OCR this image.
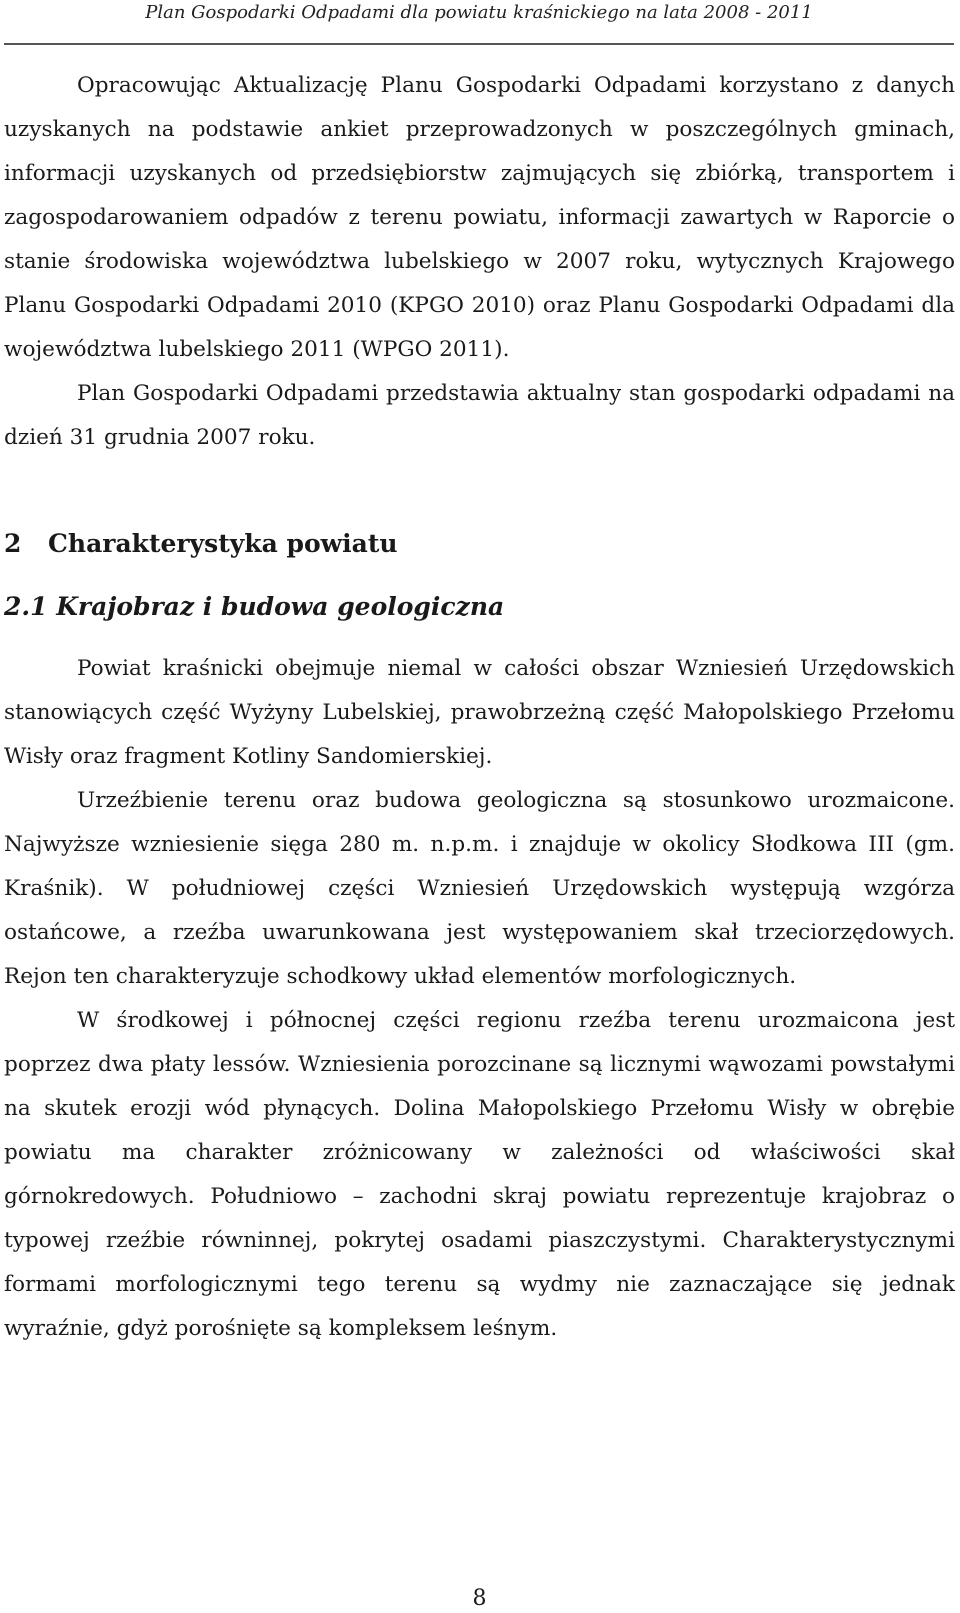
Plan Gospodarki Odpadami dla powiatu kraśnickiego na lata 2008 - 2011

Opracowując Aktualizację Planu Gospodarki Odpadami korzystano z danych uzyskanych na podstawie ankiet przeprowadzonych w poszczególnych gminach, informacji uzyskanych od przedsiębiorstw zajmujących się zbiórką, transportem i zagospodarowaniem odpadów z terenu powiatu, informacji zawartych w Raporcie o stanie środowiska województwa lubelskiego w 2007 roku, wytycznych Krajowego Planu Gospodarki Odpadami 2010 (KPGO 2010) oraz Planu Gospodarki Odpadami dla województwa lubelskiego 2011 (WPGO 2011).

Plan Gospodarki Odpadami przedstawia aktualny stan gospodarki odpadami na dzień 31 grudnia 2007 roku.

2 Charakterystyka powiatu
2.1 Krajobraz i budowa geologiczna

Powiat kraśnicki obejmuje niemal w całości obszar Wzniesień Urzędowskich stanowiących część Wyżyny Lubelskiej, prawobrzeżną część Małopolskiego Przełomu Wisły oraz fragment Kotliny Sandomierskiej.

Urzeźbienie terenu oraz budowa geologiczna są stosunkowo urozmaicone. Najwyższe wzniesienie sięga 280 m. n.p.m. i znajduje w okolicy Słodkowa III (gm. Kraśnik). W południowej części Wzniesień Urzędowskich występują wzgórza ostańcowe, a rzeźba uwarunkowana jest występowaniem skał trzeciorzędowych. Rejon ten charakteryzuje schodkowy układ elementów morfologicznych.

W środkowej i północnej części regionu rzeźba terenu urozmaicona jest poprzez dwa płaty lessów. Wzniesienia porozcinane są licznymi wąwozami powstałymi na skutek erozji wód płynących. Dolina Małopolskiego Przełomu Wisły w obrębie powiatu ma charakter zróżnicowany w zależności od właściwości skał górnokredowych. Południowo – zachodni skraj powiatu reprezentuje krajobraz o typowej rzeźbie równinnej, pokrytej osadami piaszczystymi. Charakterystycznymi formami morfologicznymi tego terenu są wydmy nie zaznaczające się jednak wyraźnie, gdyż porośnięte są kompleksem leśnym.

8
